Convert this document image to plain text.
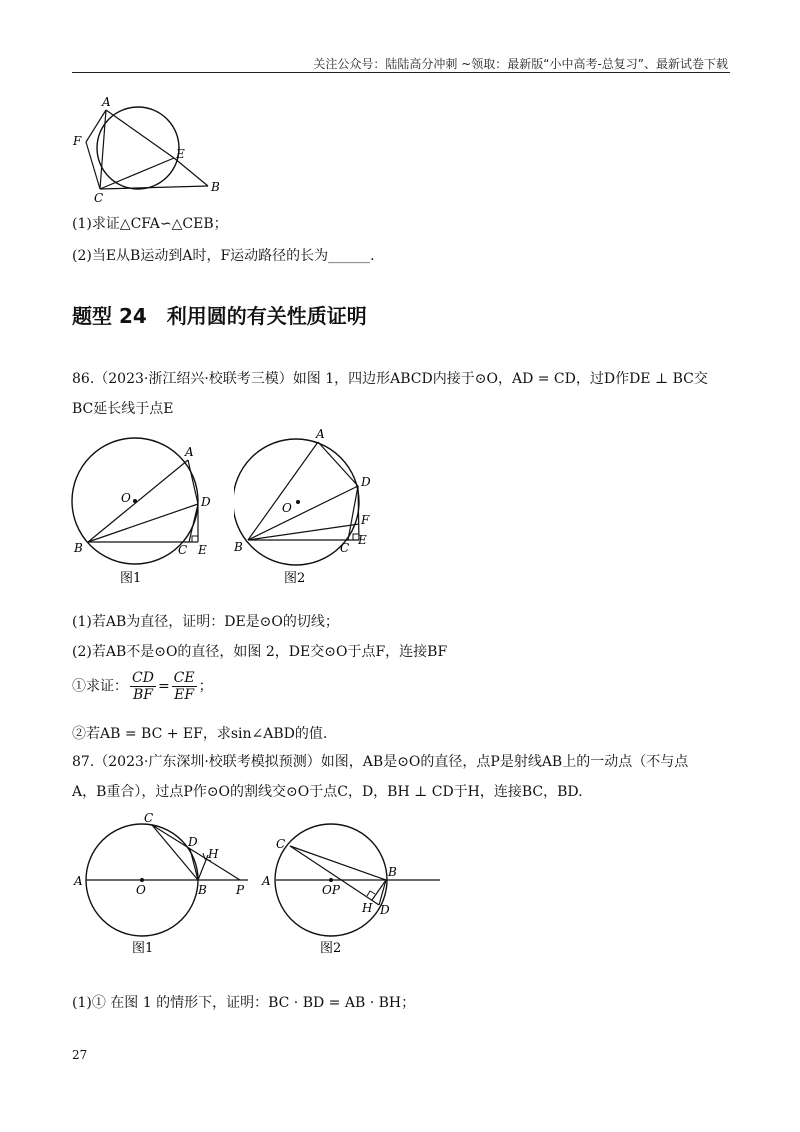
关注公众号：陆陆高分冲刺 ~领取：最新版“小中高考-总复习”、最新试卷下载
A
F
E
C
B
(1)求证△CFA∽△CEB；
(2)当E从B运动到A时，F运动路径的长为______.
题型 24　利用圆的有关性质证明
86.（2023·浙江绍兴·校联考三模）如图 1，四边形ABCD内接于⊙O，AD = CD，过D作DE ⊥ BC交
BC延长线于点E
A
O	D
B	C E
图1
A
O
D
F
B	C
E
图2
(1)若AB为直径，证明：DE是⊙O的切线；
(2)若AB不是⊙O的直径，如图 2，DE交⊙O于点F，连接BF
①求证： $\frac{CD}{BF} = \frac{CE}{EF}$ ；
②若AB = BC + EF，求sin∠ABD的值.
87.（2023·广东深圳·校联考模拟预测）如图，AB是⊙O的直径，点P是射线AB上的一动点（不与点
A，B重合），过点P作⊙O的割线交⊙O于点C，D，BH ⊥ CD于H，连接BC，BD.
C
D
H
A
O	B P
图1
C
A
OP
B
H D
图2
(1)① 在图 1 的情形下，证明：BC · BD = AB · BH；
27
